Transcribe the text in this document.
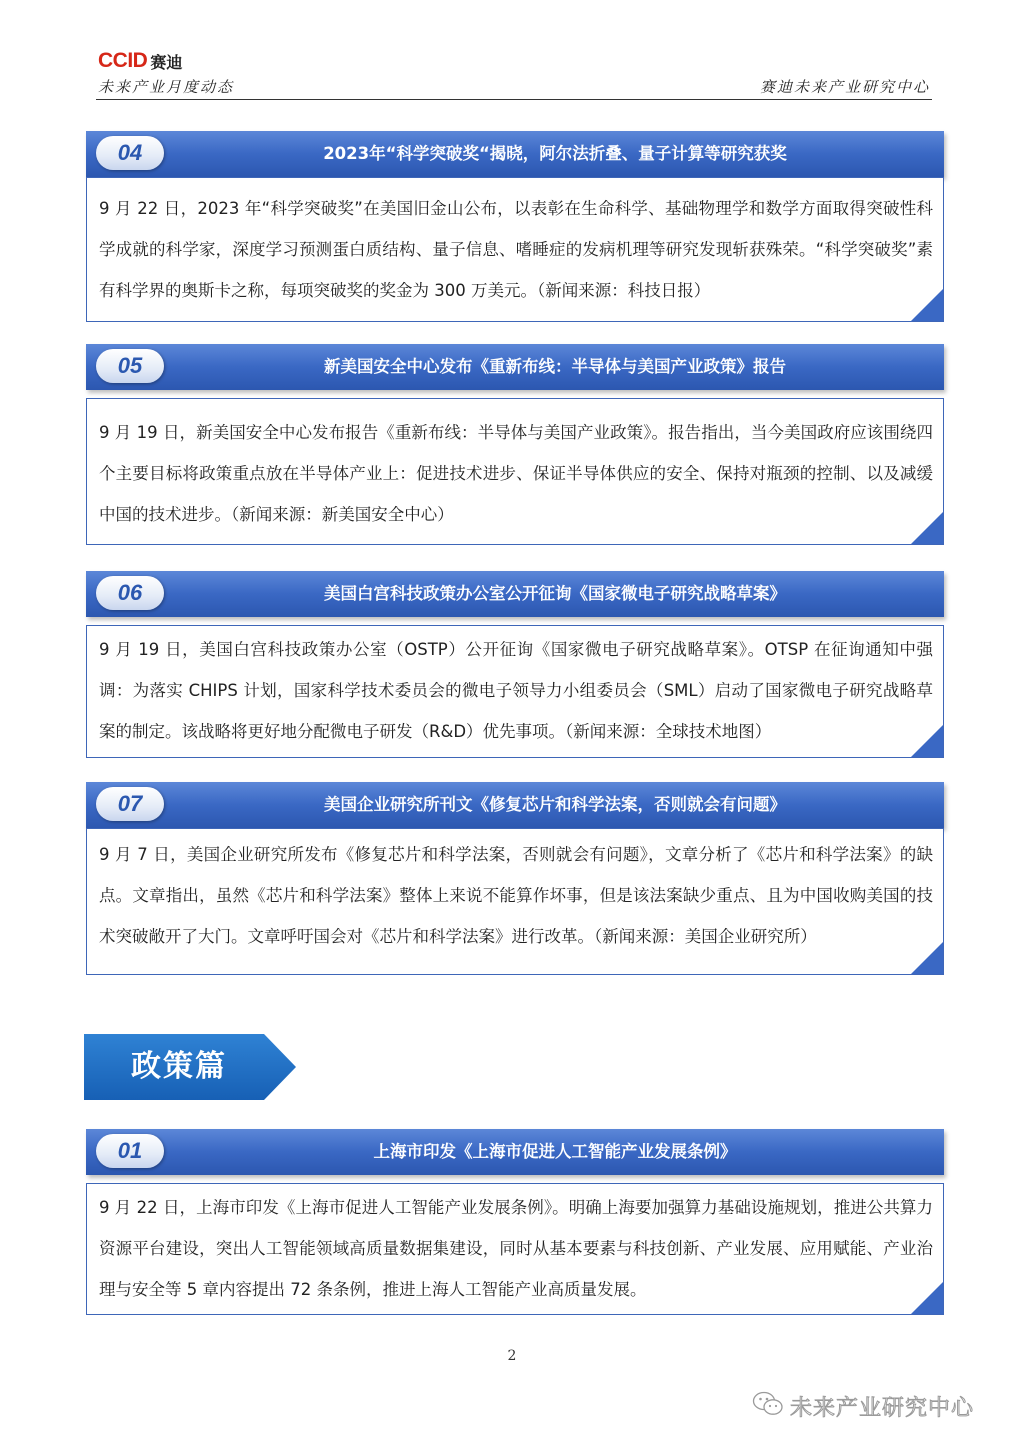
CCID 赛迪
未来产业月度动态	赛迪未来产业研究中心
04	2023年“科学突破奖“揭晓，阿尔法折叠、量子计算等研究获奖
9 月 22 日，2023 年“科学突破奖”在美国旧金山公布，以表彰在生命科学、基础物理学和数学方面取得突破性科学成就的科学家，深度学习预测蛋白质结构、量子信息、嗜睡症的发病机理等研究发现斩获殊荣。“科学突破奖”素有科学界的奥斯卡之称，每项突破奖的奖金为 300 万美元。（新闻来源：科技日报）
05	新美国安全中心发布《重新布线：半导体与美国产业政策》报告
9 月 19 日，新美国安全中心发布报告《重新布线：半导体与美国产业政策》。报告指出，当今美国政府应该围绕四个主要目标将政策重点放在半导体产业上：促进技术进步、保证半导体供应的安全、保持对瓶颈的控制、以及减缓中国的技术进步。（新闻来源：新美国安全中心）
06	美国白宫科技政策办公室公开征询《国家微电子研究战略草案》
9 月 19 日，美国白宫科技政策办公室（OSTP）公开征询《国家微电子研究战略草案》。OTSP 在征询通知中强调：为落实 CHIPS 计划，国家科学技术委员会的微电子领导力小组委员会（SML）启动了国家微电子研究战略草案的制定。该战略将更好地分配微电子研发（R&D）优先事项。（新闻来源：全球技术地图）
07	美国企业研究所刊文《修复芯片和科学法案，否则就会有问题》
9 月 7 日，美国企业研究所发布《修复芯片和科学法案，否则就会有问题》，文章分析了《芯片和科学法案》的缺点。文章指出，虽然《芯片和科学法案》整体上来说不能算作坏事，但是该法案缺少重点、且为中国收购美国的技术突破敞开了大门。文章呼吁国会对《芯片和科学法案》进行改革。（新闻来源：美国企业研究所）
政策篇
01	上海市印发《上海市促进人工智能产业发展条例》
9 月 22 日，上海市印发《上海市促进人工智能产业发展条例》。明确上海要加强算力基础设施规划，推进公共算力资源平台建设，突出人工智能领域高质量数据集建设，同时从基本要素与科技创新、产业发展、应用赋能、产业治理与安全等 5 章内容提出 72 条条例，推进上海人工智能产业高质量发展。
2
未来产业研究中心
